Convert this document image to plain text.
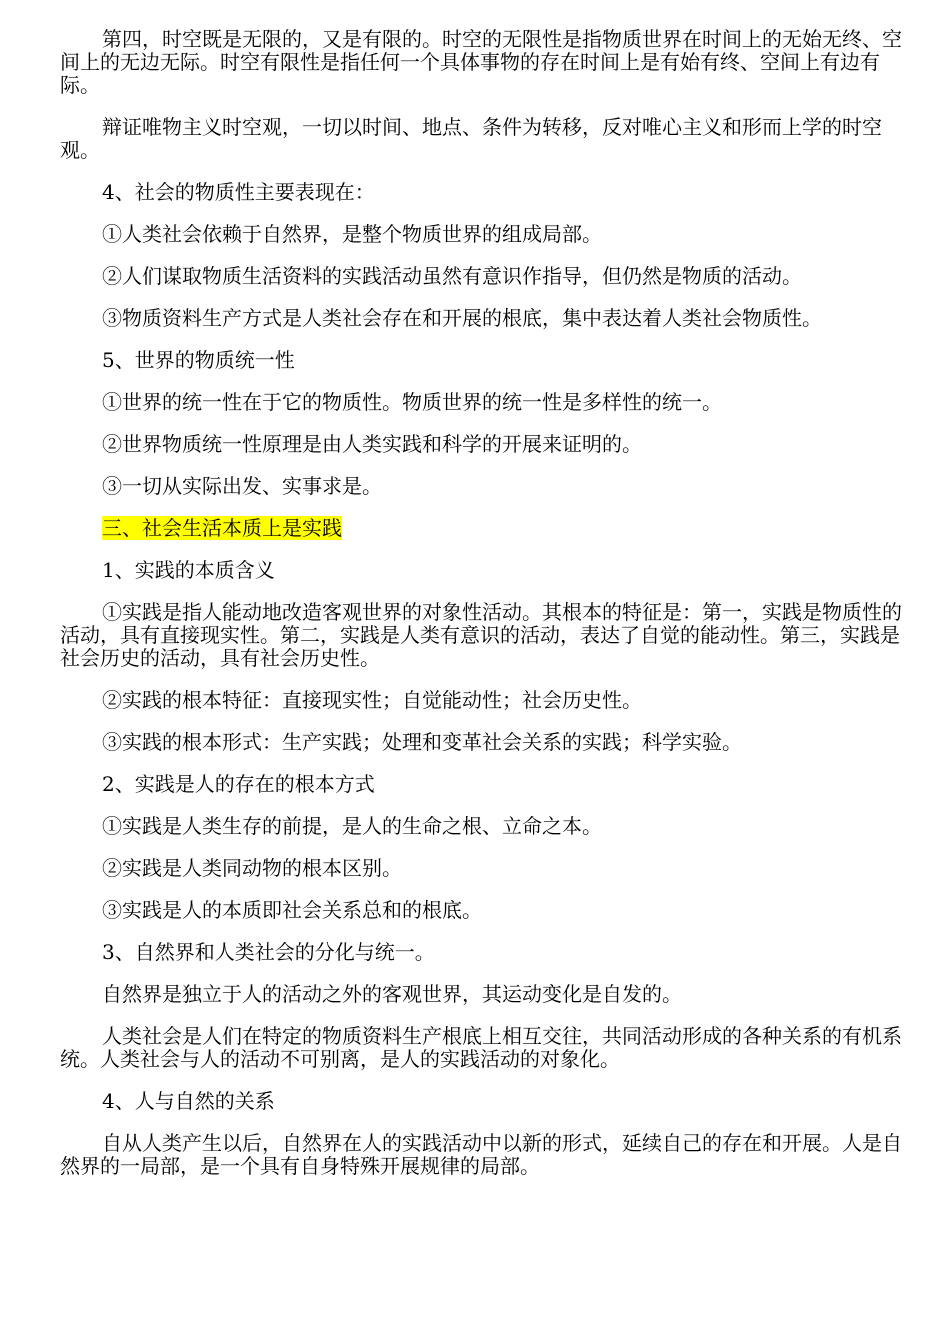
第四，时空既是无限的，又是有限的。时空的无限性是指物质世界在时间上的无始无终、空间上的无边无际。时空有限性是指任何一个具体事物的存在时间上是有始有终、空间上有边有际。

辩证唯物主义时空观，一切以时间、地点、条件为转移，反对唯心主义和形而上学的时空观。

4、社会的物质性主要表现在：

①人类社会依赖于自然界，是整个物质世界的组成局部。

②人们谋取物质生活资料的实践活动虽然有意识作指导，但仍然是物质的活动。

③物质资料生产方式是人类社会存在和开展的根底，集中表达着人类社会物质性。

5、世界的物质统一性

①世界的统一性在于它的物质性。物质世界的统一性是多样性的统一。

②世界物质统一性原理是由人类实践和科学的开展来证明的。

③一切从实际出发、实事求是。

三、社会生活本质上是实践

1、实践的本质含义

①实践是指人能动地改造客观世界的对象性活动。其根本的特征是：第一，实践是物质性的活动，具有直接现实性。第二，实践是人类有意识的活动，表达了自觉的能动性。第三，实践是社会历史的活动，具有社会历史性。

②实践的根本特征：直接现实性；自觉能动性；社会历史性。

③实践的根本形式：生产实践；处理和变革社会关系的实践；科学实验。

2、实践是人的存在的根本方式

①实践是人类生存的前提，是人的生命之根、立命之本。

②实践是人类同动物的根本区别。

③实践是人的本质即社会关系总和的根底。

3、自然界和人类社会的分化与统一。

自然界是独立于人的活动之外的客观世界，其运动变化是自发的。

人类社会是人们在特定的物质资料生产根底上相互交往，共同活动形成的各种关系的有机系统。人类社会与人的活动不可别离，是人的实践活动的对象化。

4、人与自然的关系

自从人类产生以后，自然界在人的实践活动中以新的形式，延续自己的存在和开展。人是自然界的一局部，是一个具有自身特殊开展规律的局部。
